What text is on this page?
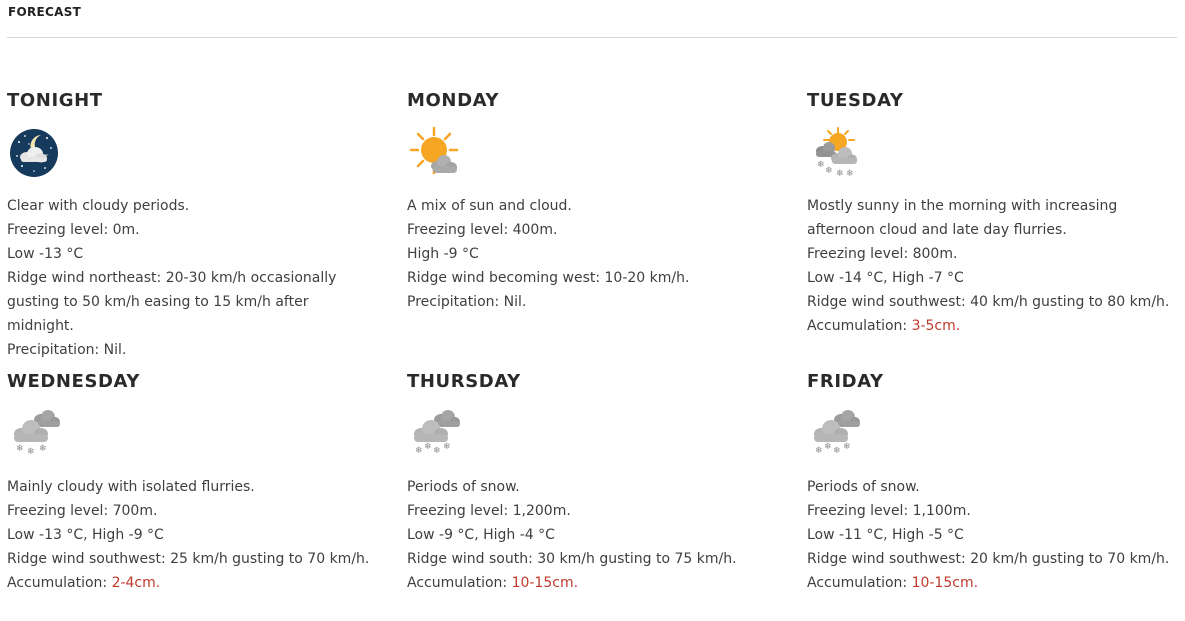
FORECAST
TONIGHT
Clear with cloudy periods.
Freezing level: 0m.
Low -13 °C
Ridge wind northeast: 20-30 km/h occasionally gusting to 50 km/h easing to 15 km/h after midnight.
Precipitation: Nil.
MONDAY
A mix of sun and cloud.
Freezing level: 400m.
High -9 °C
Ridge wind becoming west: 10-20 km/h.
Precipitation: Nil.
TUESDAY
❄
❄ ❄ ❄
Mostly sunny in the morning with increasing afternoon cloud and late day flurries.
Freezing level: 800m.
Low -14 °C, High -7 °C
Ridge wind southwest: 40 km/h gusting to 80 km/h.
Accumulation: 3-5cm.
WEDNESDAY
❄ ❄ ❄
Mainly cloudy with isolated flurries.
Freezing level: 700m.
Low -13 °C, High -9 °C
Ridge wind southwest: 25 km/h gusting to 70 km/h.
Accumulation: 2-4cm.
THURSDAY
❄ ❄ ❄ ❄
Periods of snow.
Freezing level: 1,200m.
Low -9 °C, High -4 °C
Ridge wind south: 30 km/h gusting to 75 km/h.
Accumulation: 10-15cm.
FRIDAY
❄ ❄ ❄ ❄
Periods of snow.
Freezing level: 1,100m.
Low -11 °C, High -5 °C
Ridge wind southwest: 20 km/h gusting to 70 km/h.
Accumulation: 10-15cm.
